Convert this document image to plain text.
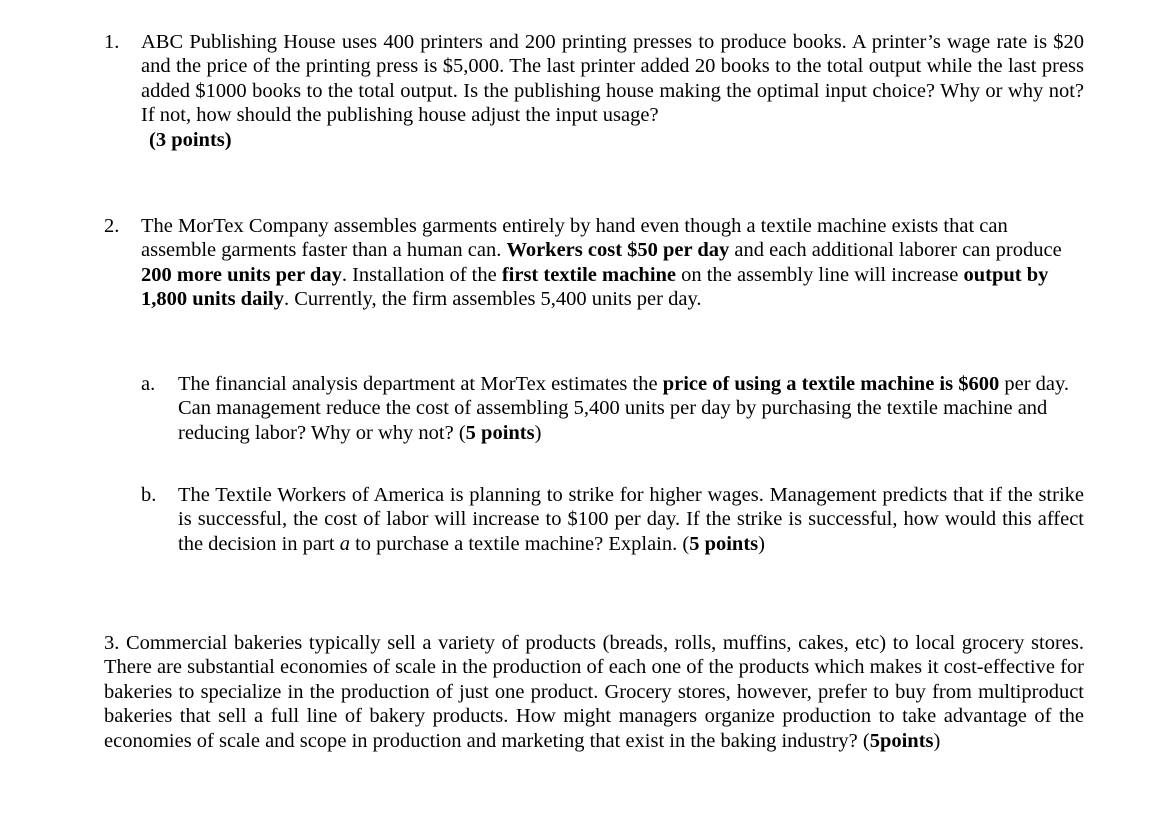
1. ABC Publishing House uses 400 printers and 200 printing presses to produce books. A printer’s wage rate is $20 and the price of the printing press is $5,000. The last printer added 20 books to the total output while the last press added $1000 books to the total output. Is the publishing house making the optimal input choice? Why or why not? If not, how should the publishing house adjust the input usage?
(3 points)
2. The MorTex Company assembles garments entirely by hand even though a textile machine exists that can assemble garments faster than a human can. Workers cost $50 per day and each additional laborer can produce 200 more units per day. Installation of the first textile machine on the assembly line will increase output by 1,800 units daily. Currently, the firm assembles 5,400 units per day.
a. The financial analysis department at MorTex estimates the price of using a textile machine is $600 per day. Can management reduce the cost of assembling 5,400 units per day by purchasing the textile machine and reducing labor? Why or why not? (5 points)
b. The Textile Workers of America is planning to strike for higher wages. Management predicts that if the strike is successful, the cost of labor will increase to $100 per day. If the strike is successful, how would this affect the decision in part a to purchase a textile machine? Explain. (5 points)
3. Commercial bakeries typically sell a variety of products (breads, rolls, muffins, cakes, etc) to local grocery stores. There are substantial economies of scale in the production of each one of the products which makes it cost-effective for bakeries to specialize in the production of just one product. Grocery stores, however, prefer to buy from multiproduct bakeries that sell a full line of bakery products. How might managers organize production to take advantage of the economies of scale and scope in production and marketing that exist in the baking industry? (5points)
